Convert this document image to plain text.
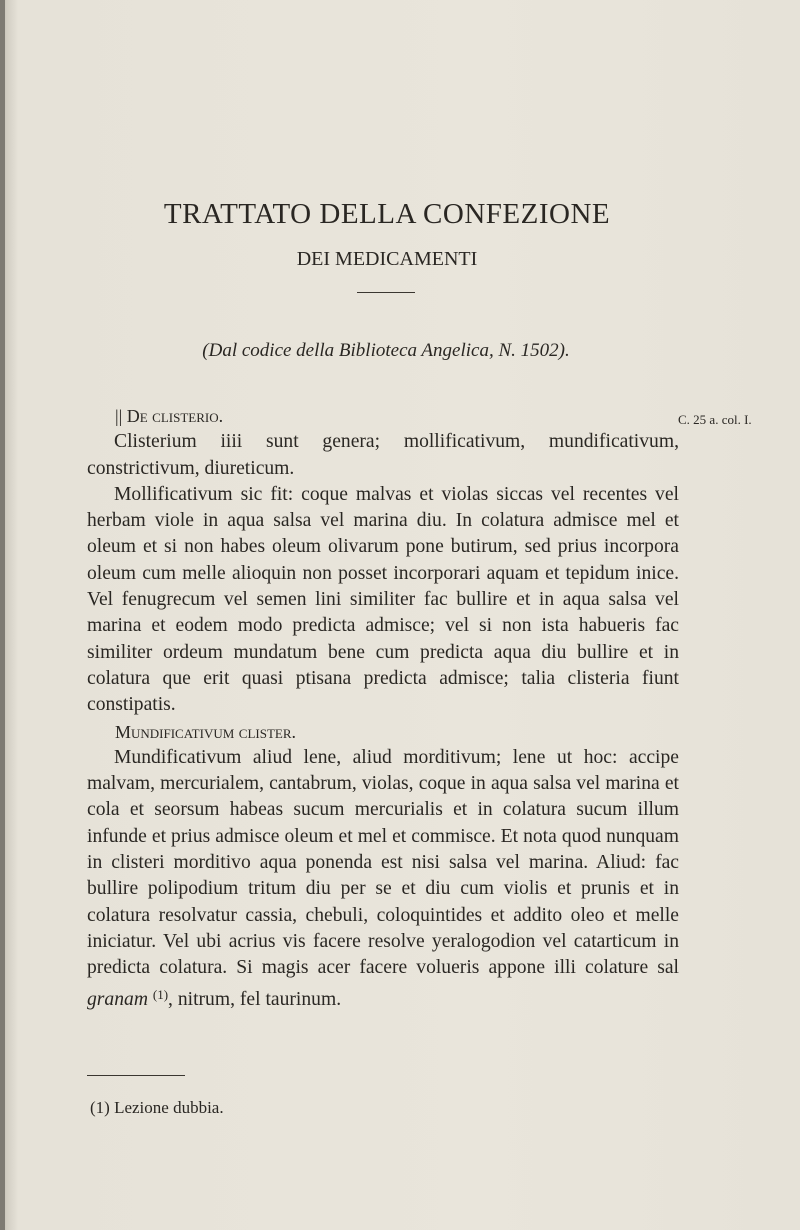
TRATTATO DELLA CONFEZIONE
DEI MEDICAMENTI
(Dal codice della Biblioteca Angelica, N. 1502).
C. 25 a. col. I.

|| De clisterio.

Clisterium iiii sunt genera; mollificativum, mundificativum, constrictivum, diureticum.

Mollificativum sic fit: coque malvas et violas siccas vel recentes vel herbam viole in aqua salsa vel marina diu. In colatura admisce mel et oleum et si non habes oleum olivarum pone butirum, sed prius incorpora oleum cum melle alioquin non posset incorporari aquam et tepidum inice. Vel fenugrecum vel semen lini similiter fac bullire et in aqua salsa vel marina et eodem modo predicta admisce; vel si non ista habueris fac similiter ordeum mundatum bene cum predicta aqua diu bullire et in colatura que erit quasi ptisana predicta admisce; talia clisteria fiunt constipatis.

Mundificativum clister.

Mundificativum aliud lene, aliud morditivum; lene ut hoc: accipe malvam, mercurialem, cantabrum, violas, coque in aqua salsa vel marina et cola et seorsum habeas sucum mercurialis et in colatura sucum illum infunde et prius admisce oleum et mel et commisce. Et nota quod nunquam in clisteri morditivo aqua ponenda est nisi salsa vel marina. Aliud: fac bullire polipodium tritum diu per se et diu cum violis et prunis et in colatura resolvatur cassia, chebuli, coloquintides et addito oleo et melle iniciatur. Vel ubi acrius vis facere resolve yeralogodion vel catarticum in predicta colatura. Si magis acer facere volueris appone illi colature sal granam $^{(1)}$, nitrum, fel taurinum.

(1) Lezione dubbia.
